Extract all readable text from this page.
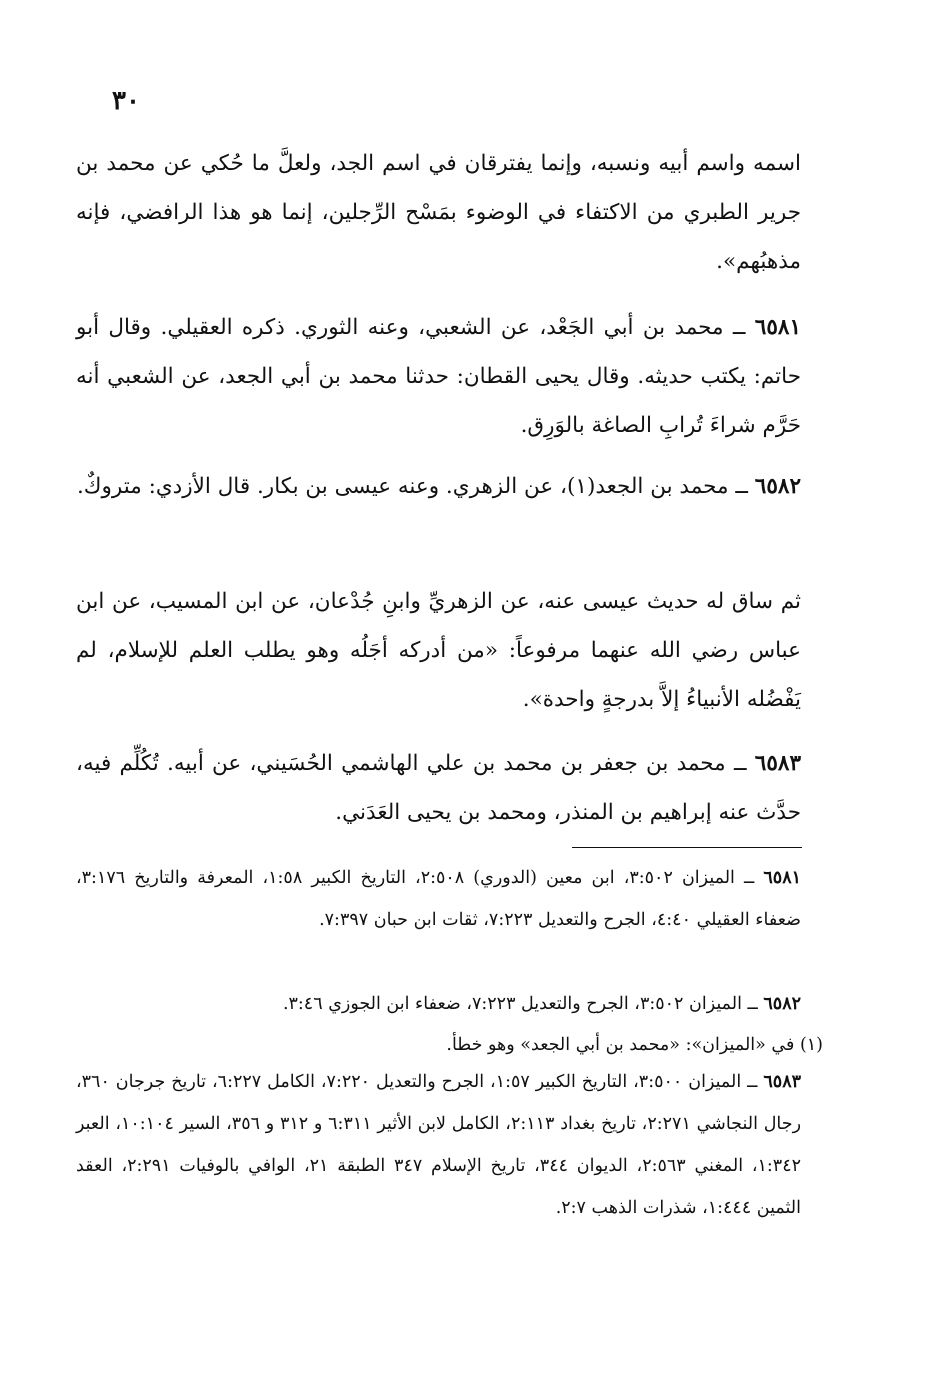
٣٠
اسمه واسم أبيه ونسبه، وإنما يفترقان في اسم الجد، ولعلَّ ما حُكي عن محمد بن جرير الطبري من الاكتفاء في الوضوء بمَسْح الرِّجلين، إنما هو هذا الرافضي، فإنه مذهبُهم».
٦٥٨١ ــ محمد بن أبي الجَعْد، عن الشعبي، وعنه الثوري. ذكره العقيلي. وقال أبو حاتم: يكتب حديثه. وقال يحيى القطان: حدثنا محمد بن أبي الجعد، عن الشعبي أنه حَرَّم شراءَ تُرابِ الصاغة بالوَرِق.
٦٥٨٢ ــ محمد بن الجعد(١)، عن الزهري. وعنه عيسى بن بكار. قال الأزدي: متروكٌ.
ثم ساق له حديث عيسى عنه، عن الزهريِّ وابنِ جُدْعان، عن ابن المسيب، عن ابن عباس رضي الله عنهما مرفوعاً: «من أدركه أجَلُه وهو يطلب العلم للإسلام، لم يَفْضُله الأنبياءُ إلاَّ بدرجةٍ واحدة».
٦٥٨٣ ــ محمد بن جعفر بن محمد بن علي الهاشمي الحُسَيني، عن أبيه. تُكُلِّم فيه، حدَّث عنه إبراهيم بن المنذر، ومحمد بن يحيى العَدَني.
٦٥٨١ ــ الميزان ٣:٥٠٢، ابن معين (الدوري) ٢:٥٠٨، التاريخ الكبير ١:٥٨، المعرفة والتاريخ ٣:١٧٦، ضعفاء العقيلي ٤:٤٠، الجرح والتعديل ٧:٢٢٣، ثقات ابن حبان ٧:٣٩٧.
٦٥٨٢ ــ الميزان ٣:٥٠٢، الجرح والتعديل ٧:٢٢٣، ضعفاء ابن الجوزي ٣:٤٦.
(١) في «الميزان»: «محمد بن أبي الجعد» وهو خطأ.
٦٥٨٣ ــ الميزان ٣:٥٠٠، التاريخ الكبير ١:٥٧، الجرح والتعديل ٧:٢٢٠، الكامل ٦:٢٢٧، تاريخ جرجان ٣٦٠، رجال النجاشي ٢:٢٧١، تاريخ بغداد ٢:١١٣، الكامل لابن الأثير ٦:٣١١ و ٣١٢ و ٣٥٦، السير ١٠:١٠٤، العبر ١:٣٤٢، المغني ٢:٥٦٣، الديوان ٣٤٤، تاريخ الإسلام ٣٤٧ الطبقة ٢١، الوافي بالوفيات ٢:٢٩١، العقد الثمين ١:٤٤٤، شذرات الذهب ٢:٧.
